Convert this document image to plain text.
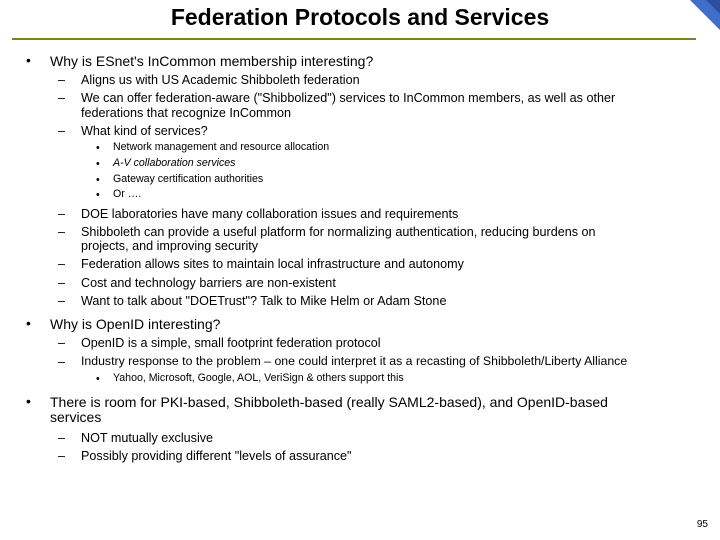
Federation Protocols and Services
• Why is ESnet's InCommon membership interesting?
– Aligns us with US Academic Shibboleth federation
– We can offer federation-aware ("Shibbolized") services to InCommon members, as well as other
federations that recognize InCommon
– What kind of services?
• Network management and resource allocation
• A-V collaboration services
• Gateway certification authorities
• Or ….
– DOE laboratories have many collaboration issues and requirements
– Shibboleth can provide a useful platform for normalizing authentication, reducing burdens on
projects, and improving security
– Federation allows sites to maintain local infrastructure and autonomy
– Cost and technology barriers are non-existent
– Want to talk about "DOETrust"? Talk to Mike Helm or Adam Stone
• Why is OpenID interesting?
– OpenID is a simple, small footprint federation protocol
– Industry response to the problem – one could interpret it as a recasting of Shibboleth/Liberty Alliance
• Yahoo, Microsoft, Google, AOL, VeriSign & others support this
• There is room for PKI-based, Shibboleth-based (really SAML2-based), and OpenID-based
services
– NOT mutually exclusive
– Possibly providing different "levels of assurance"
95
